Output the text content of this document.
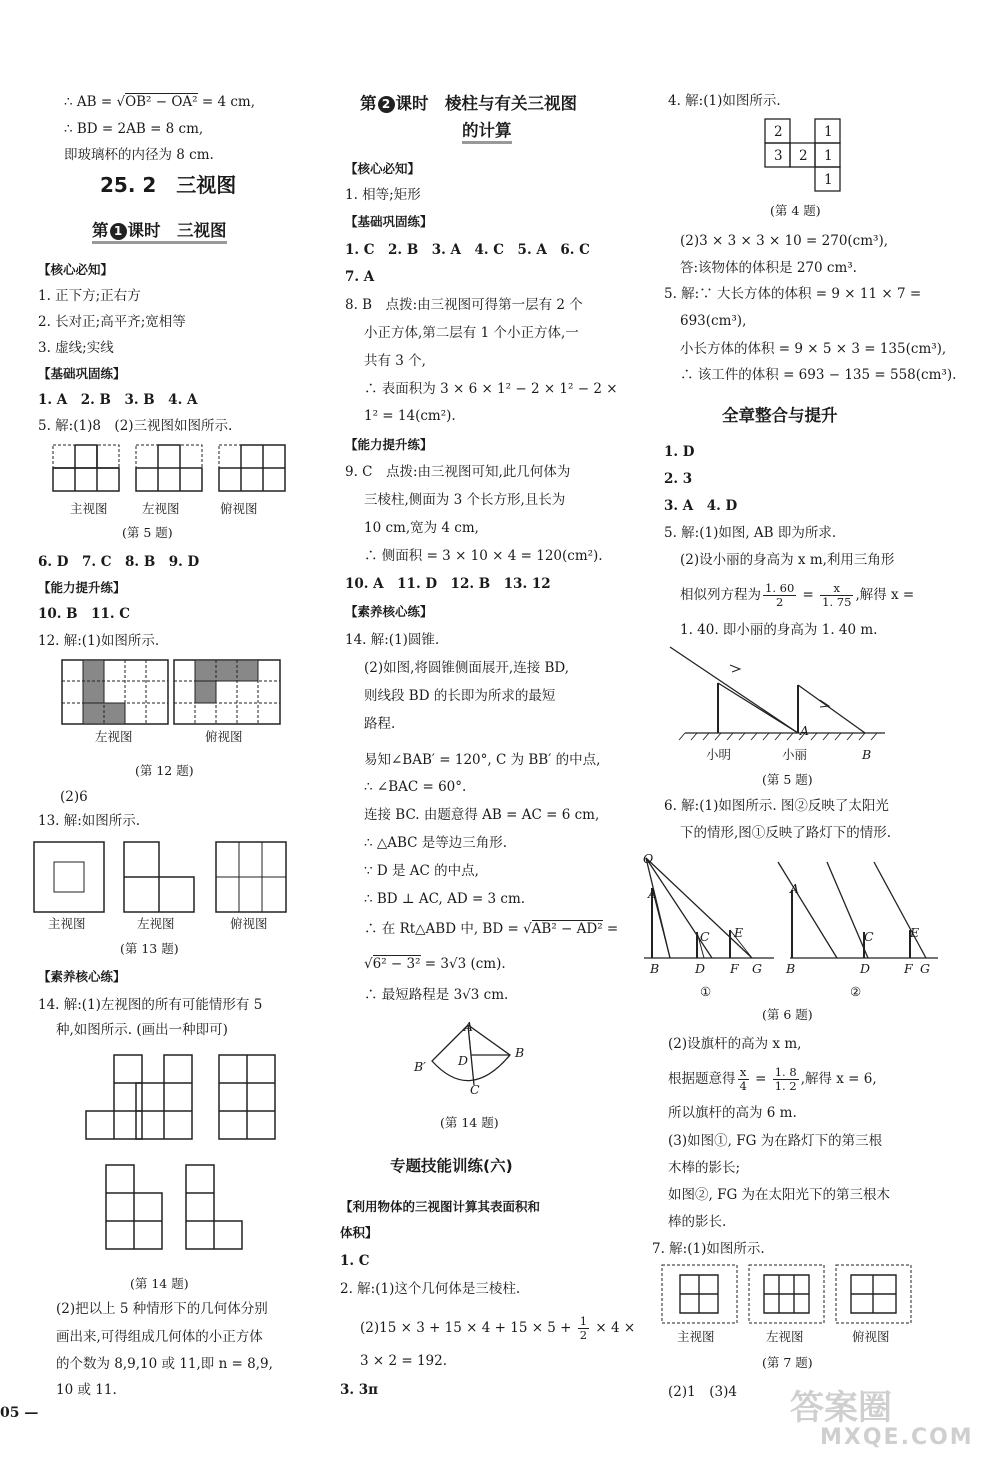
∴ AB = √OB² − OA² = 4 cm,
∴ BD = 2AB = 8 cm,
即玻璃杯的内径为 8 cm.
25. 2　三视图
第 1 课时　三视图
【核心必知】
1. 正下方;正右方
2. 长对正;高平齐;宽相等
3. 虚线;实线
【基础巩固练】
1. A　2. B　3. B　4. A
5. 解:(1)8　(2)三视图如图所示.
主视图	左视图	俯视图
(第 5 题)
6. D　7. C　8. B　9. D
【能力提升练】
10. B　11. C
12. 解:(1)如图所示.
左视图	俯视图
(第 12 题)
(2)6
13. 解:如图所示.
主视图	左视图	俯视图
(第 13 题)
【素养核心练】
14. 解:(1)左视图的所有可能情形有 5
种,如图所示. (画出一种即可)
(第 14 题)
(2)把以上 5 种情形下的几何体分别
画出来,可得组成几何体的小正方体
的个数为 8,9,10 或 11,即 n = 8,9,
10 或 11.
05 —
第 2 课时　棱柱与有关三视图
的计算
【核心必知】
1. 相等;矩形
【基础巩固练】
1. C　2. B　3. A　4. C　5. A　6. C
7. A
8. B　点拨:由三视图可得第一层有 2 个
小正方体,第二层有 1 个小正方体,一
共有 3 个,
∴ 表面积为 3 × 6 × 1² − 2 × 1² − 2 ×
1² = 14(cm²).
【能力提升练】
9. C　点拨:由三视图可知,此几何体为
三棱柱,侧面为 3 个长方形,且长为
10 cm,宽为 4 cm,
∴ 侧面积 = 3 × 10 × 4 = 120(cm²).
10. A　11. D　12. B　13. 12
【素养核心练】
14. 解:(1)圆锥.
(2)如图,将圆锥侧面展开,连接 BD,
则线段 BD 的长即为所求的最短
路程.
易知∠BAB′ = 120°, C 为 BB′ 的中点,
∴ ∠BAC = 60°.
连接 BC. 由题意得 AB = AC = 6 cm,
∴ △ABC 是等边三角形.
∵ D 是 AC 的中点,
∴ BD ⊥ AC, AD = 3 cm.
∴ 在 Rt△ABD 中, BD = √AB² − AD² =
√6² − 3² = 3√3 (cm).
∴ 最短路程是 3√3 cm.
A
B′	D
B
C
(第 14 题)
专题技能训练(六)
【利用物体的三视图计算其表面积和
体积】
1. C
2. 解:(1)这个几何体是三棱柱.
$(2)15 \times 3 + 15 \times 4 + 15 \times 5 + \frac{1}{2} \times 4$ ×
3 × 2 = 192.
3. 3π
4. 解:(1)如图所示.
2	1
3 2 1
1
(第 4 题)
(2)3 × 3 × 3 × 10 = 270(cm³),
答:该物体的体积是 270 cm³.
5. 解:∵ 大长方体的体积 = 9 × 11 × 7 =
693(cm³),
小长方体的体积 = 9 × 5 × 3 = 135(cm³),
∴ 该工件的体积 = 693 − 135 = 558(cm³).
全章整合与提升
1. D
2. 3
3. A　4. D
5. 解:(1)如图, AB 即为所求.
(2)设小丽的身高为 x m,利用三角形
相似列方程为 $\frac{1. 60}{2} = \frac{x}{1. 75}$ ,解得 x =
1. 40. 即小丽的身高为 1. 40 m.
A
小明	小丽	B
(第 5 题)
6. 解:(1)如图所示. 图②反映了太阳光
下的情形,图①反映了路灯下的情形.
O
A
C E
B	D F G
①
A
C	E
B	D	F G
②
(第 6 题)
(2)设旗杆的高为 x m,
根据题意得 $\frac{x}{4} = \frac{1. 8}{1. 2}$ ,解得 x = 6,
所以旗杆的高为 6 m.
(3)如图①, FG 为在路灯下的第三根
木棒的影长;
如图②, FG 为在太阳光下的第三根木
棒的影长.
7. 解:(1)如图所示.
主视图	左视图	俯视图
(第 7 题)
(2)1　(3)4 答案圈
MXQE.COM
